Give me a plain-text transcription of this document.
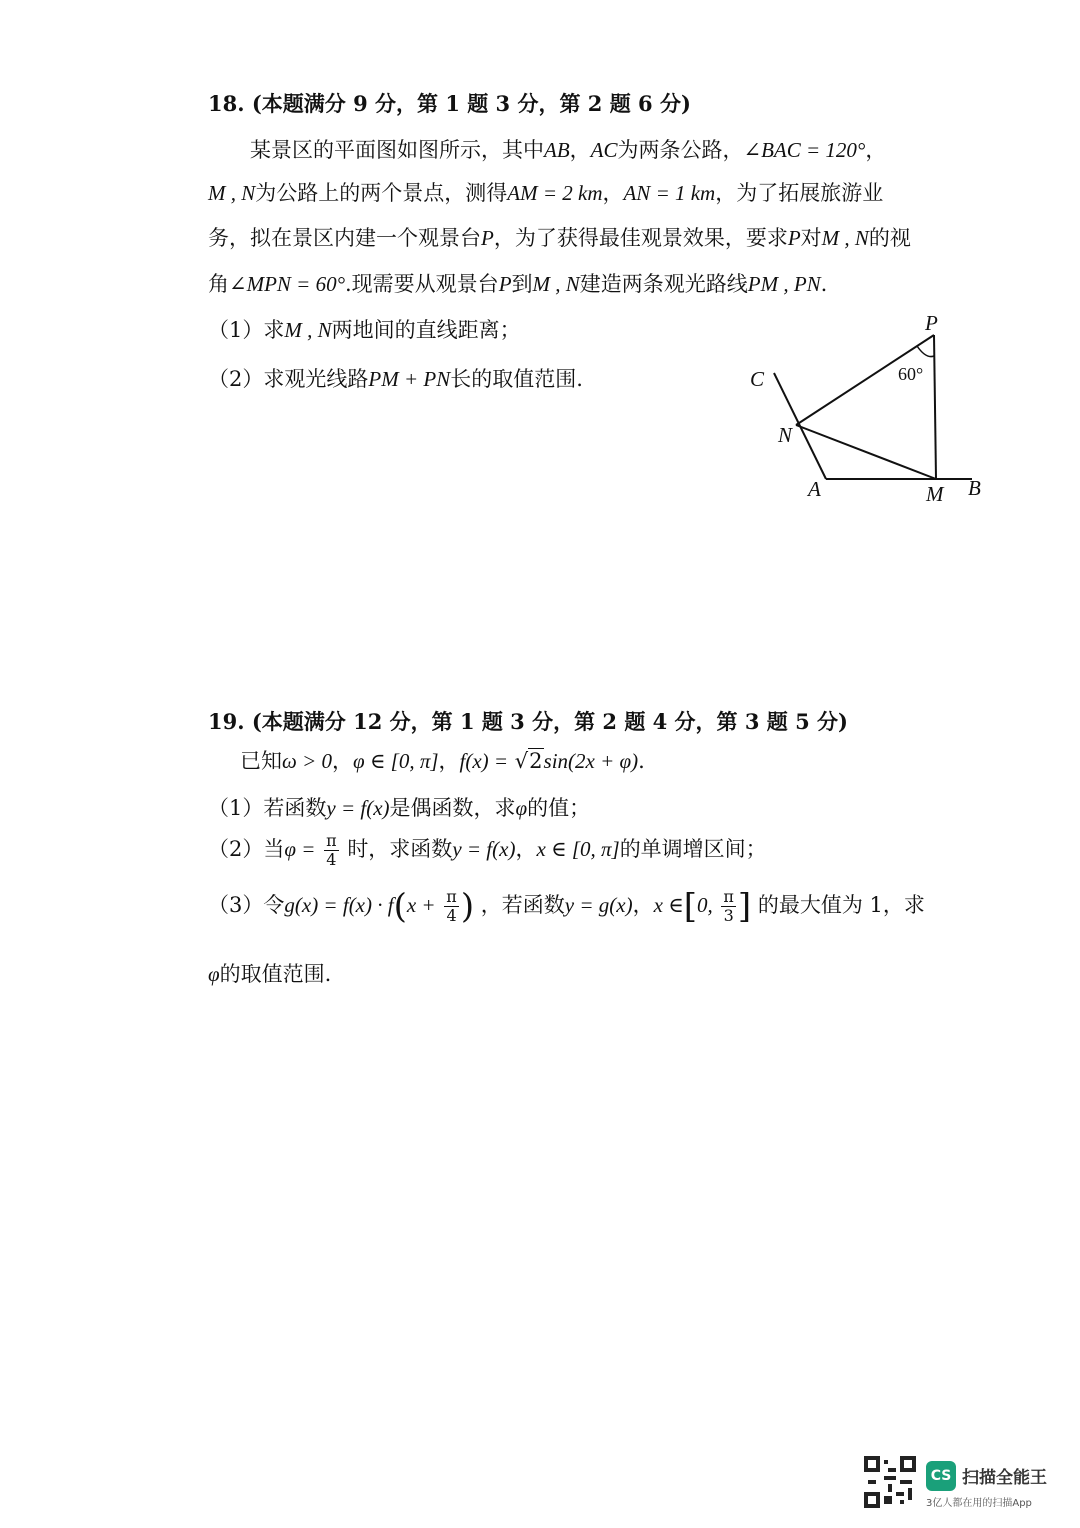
18. (本题满分 9 分，第 1 题 3 分，第 2 题 6 分)
某景区的平面图如图所示，其中AB，AC为两条公路，∠BAC = 120°，
M , N为公路上的两个景点，测得AM = 2 km，AN = 1 km，为了拓展旅游业
务，拟在景区内建一个观景台P，为了获得最佳观景效果，要求P对M , N的视
角∠MPN = 60°.现需要从观景台P到M , N建造两条观光路线PM , PN.
（1）求M , N两地间的直线距离；
（2）求观光线路PM + PN长的取值范围.
P
C
N
A	M B
60°
19. (本题满分 12 分，第 1 题 3 分，第 2 题 4 分，第 3 题 5 分)
已知ω > 0，φ ∈ [0, π]，f(x) = √2sin(2x + φ).
（1）若函数y = f(x)是偶函数，求φ的值；
（2）当$\varphi = \frac{\pi}{4}$ 时，求函数y = f(x)，x ∈ [0, π]的单调增区间；
（3）令$g(x) = f(x) \cdot f(x + \frac{\pi}{4}$ ) ，若函数y = g(x)，x ∈[0, $\frac{\pi}{3}$ ] 的最大值为 1，求
φ的取值范围.
CS 扫描全能王
3亿人都在用的扫描App
